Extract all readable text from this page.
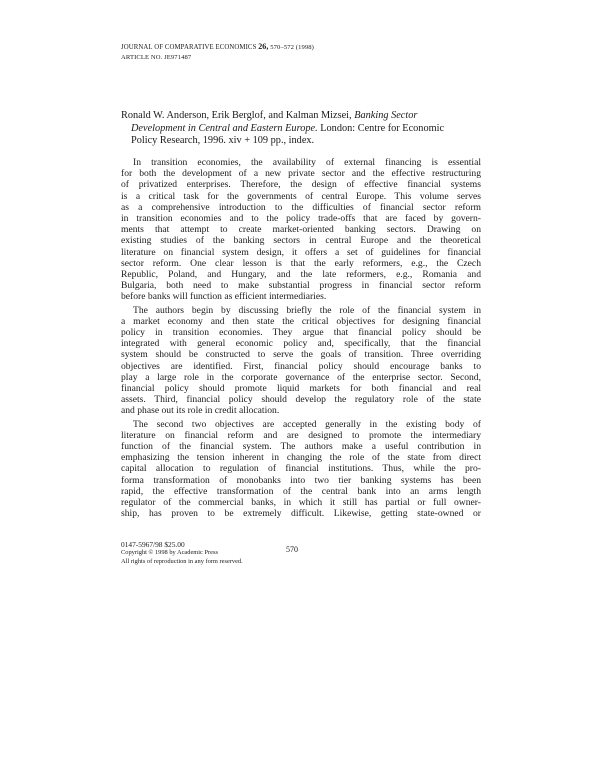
JOURNAL OF COMPARATIVE ECONOMICS 26, 570–572 (1998)
ARTICLE NO. JE971487
Ronald W. Anderson, Erik Berglof, and Kalman Mizsei, Banking Sector
Development in Central and Eastern Europe. London: Centre for Economic
Policy Research, 1996. xiv + 109 pp., index.
In transition economies, the availability of external financing is essential
for both the development of a new private sector and the effective restructuring
of privatized enterprises. Therefore, the design of effective financial systems
is a critical task for the governments of central Europe. This volume serves
as a comprehensive introduction to the difficulties of financial sector reform
in transition economies and to the policy trade-offs that are faced by govern-
ments that attempt to create market-oriented banking sectors. Drawing on
existing studies of the banking sectors in central Europe and the theoretical
literature on financial system design, it offers a set of guidelines for financial
sector reform. One clear lesson is that the early reformers, e.g., the Czech
Republic, Poland, and Hungary, and the late reformers, e.g., Romania and
Bulgaria, both need to make substantial progress in financial sector reform
before banks will function as efficient intermediaries.
The authors begin by discussing briefly the role of the financial system in
a market economy and then state the critical objectives for designing financial
policy in transition economies. They argue that financial policy should be
integrated with general economic policy and, specifically, that the financial
system should be constructed to serve the goals of transition. Three overriding
objectives are identified. First, financial policy should encourage banks to
play a large role in the corporate governance of the enterprise sector. Second,
financial policy should promote liquid markets for both financial and real
assets. Third, financial policy should develop the regulatory role of the state
and phase out its role in credit allocation.
The second two objectives are accepted generally in the existing body of
literature on financial reform and are designed to promote the intermediary
function of the financial system. The authors make a useful contribution in
emphasizing the tension inherent in changing the role of the state from direct
capital allocation to regulation of financial institutions. Thus, while the pro-
forma transformation of monobanks into two tier banking systems has been
rapid, the effective transformation of the central bank into an arms length
regulator of the commercial banks, in which it still has partial or full owner-
ship, has proven to be extremely difficult. Likewise, getting state-owned or
0147-5967/98 $25.00
Copyright © 1998 by Academic Press
All rights of reproduction in any form reserved.
570
